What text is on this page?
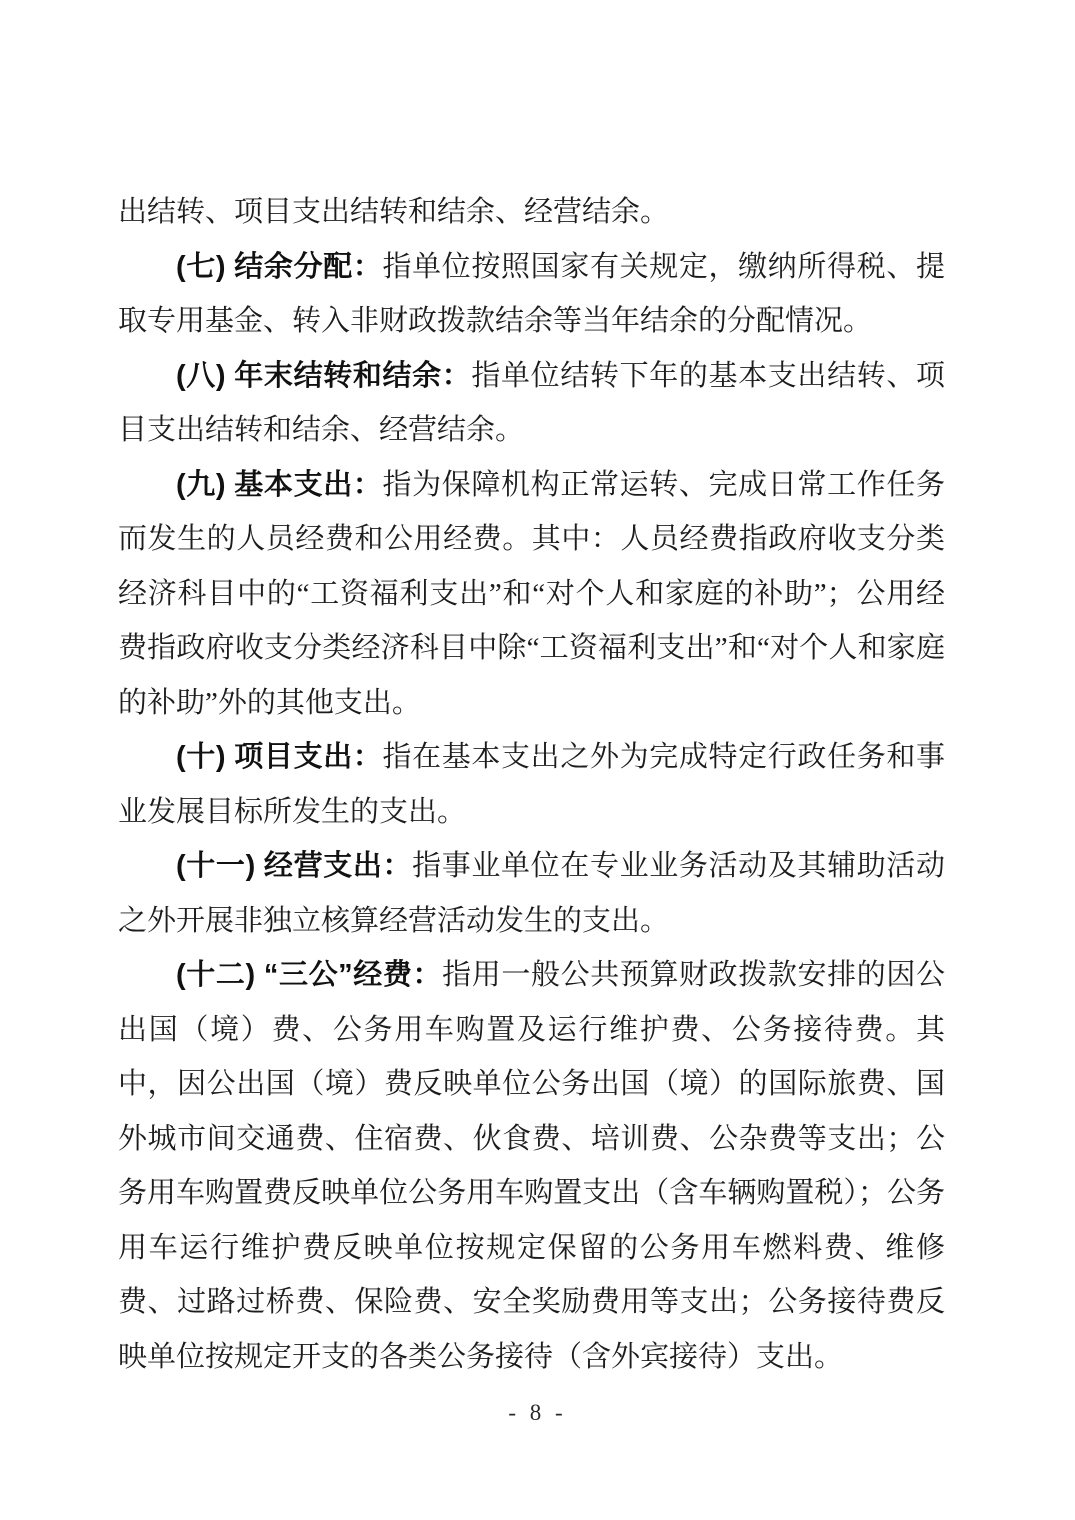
出结转、项目支出结转和结余、经营结余。

(七) 结余分配：指单位按照国家有关规定，缴纳所得税、提取专用基金、转入非财政拨款结余等当年结余的分配情况。

(八) 年末结转和结余：指单位结转下年的基本支出结转、项目支出结转和结余、经营结余。

(九) 基本支出：指为保障机构正常运转、完成日常工作任务而发生的人员经费和公用经费。其中：人员经费指政府收支分类经济科目中的“工资福利支出”和“对个人和家庭的补助”；公用经费指政府收支分类经济科目中除“工资福利支出”和“对个人和家庭的补助”外的其他支出。

(十) 项目支出：指在基本支出之外为完成特定行政任务和事业发展目标所发生的支出。

(十一) 经营支出：指事业单位在专业业务活动及其辅助活动之外开展非独立核算经营活动发生的支出。

(十二) “三公”经费：指用一般公共预算财政拨款安排的因公出国（境）费、公务用车购置及运行维护费、公务接待费。其中，因公出国（境）费反映单位公务出国（境）的国际旅费、国外城市间交通费、住宿费、伙食费、培训费、公杂费等支出；公务用车购置费反映单位公务用车购置支出（含车辆购置税）；公务用车运行维护费反映单位按规定保留的公务用车燃料费、维修费、过路过桥费、保险费、安全奖励费用等支出；公务接待费反映单位按规定开支的各类公务接待（含外宾接待）支出。

- 8 -
